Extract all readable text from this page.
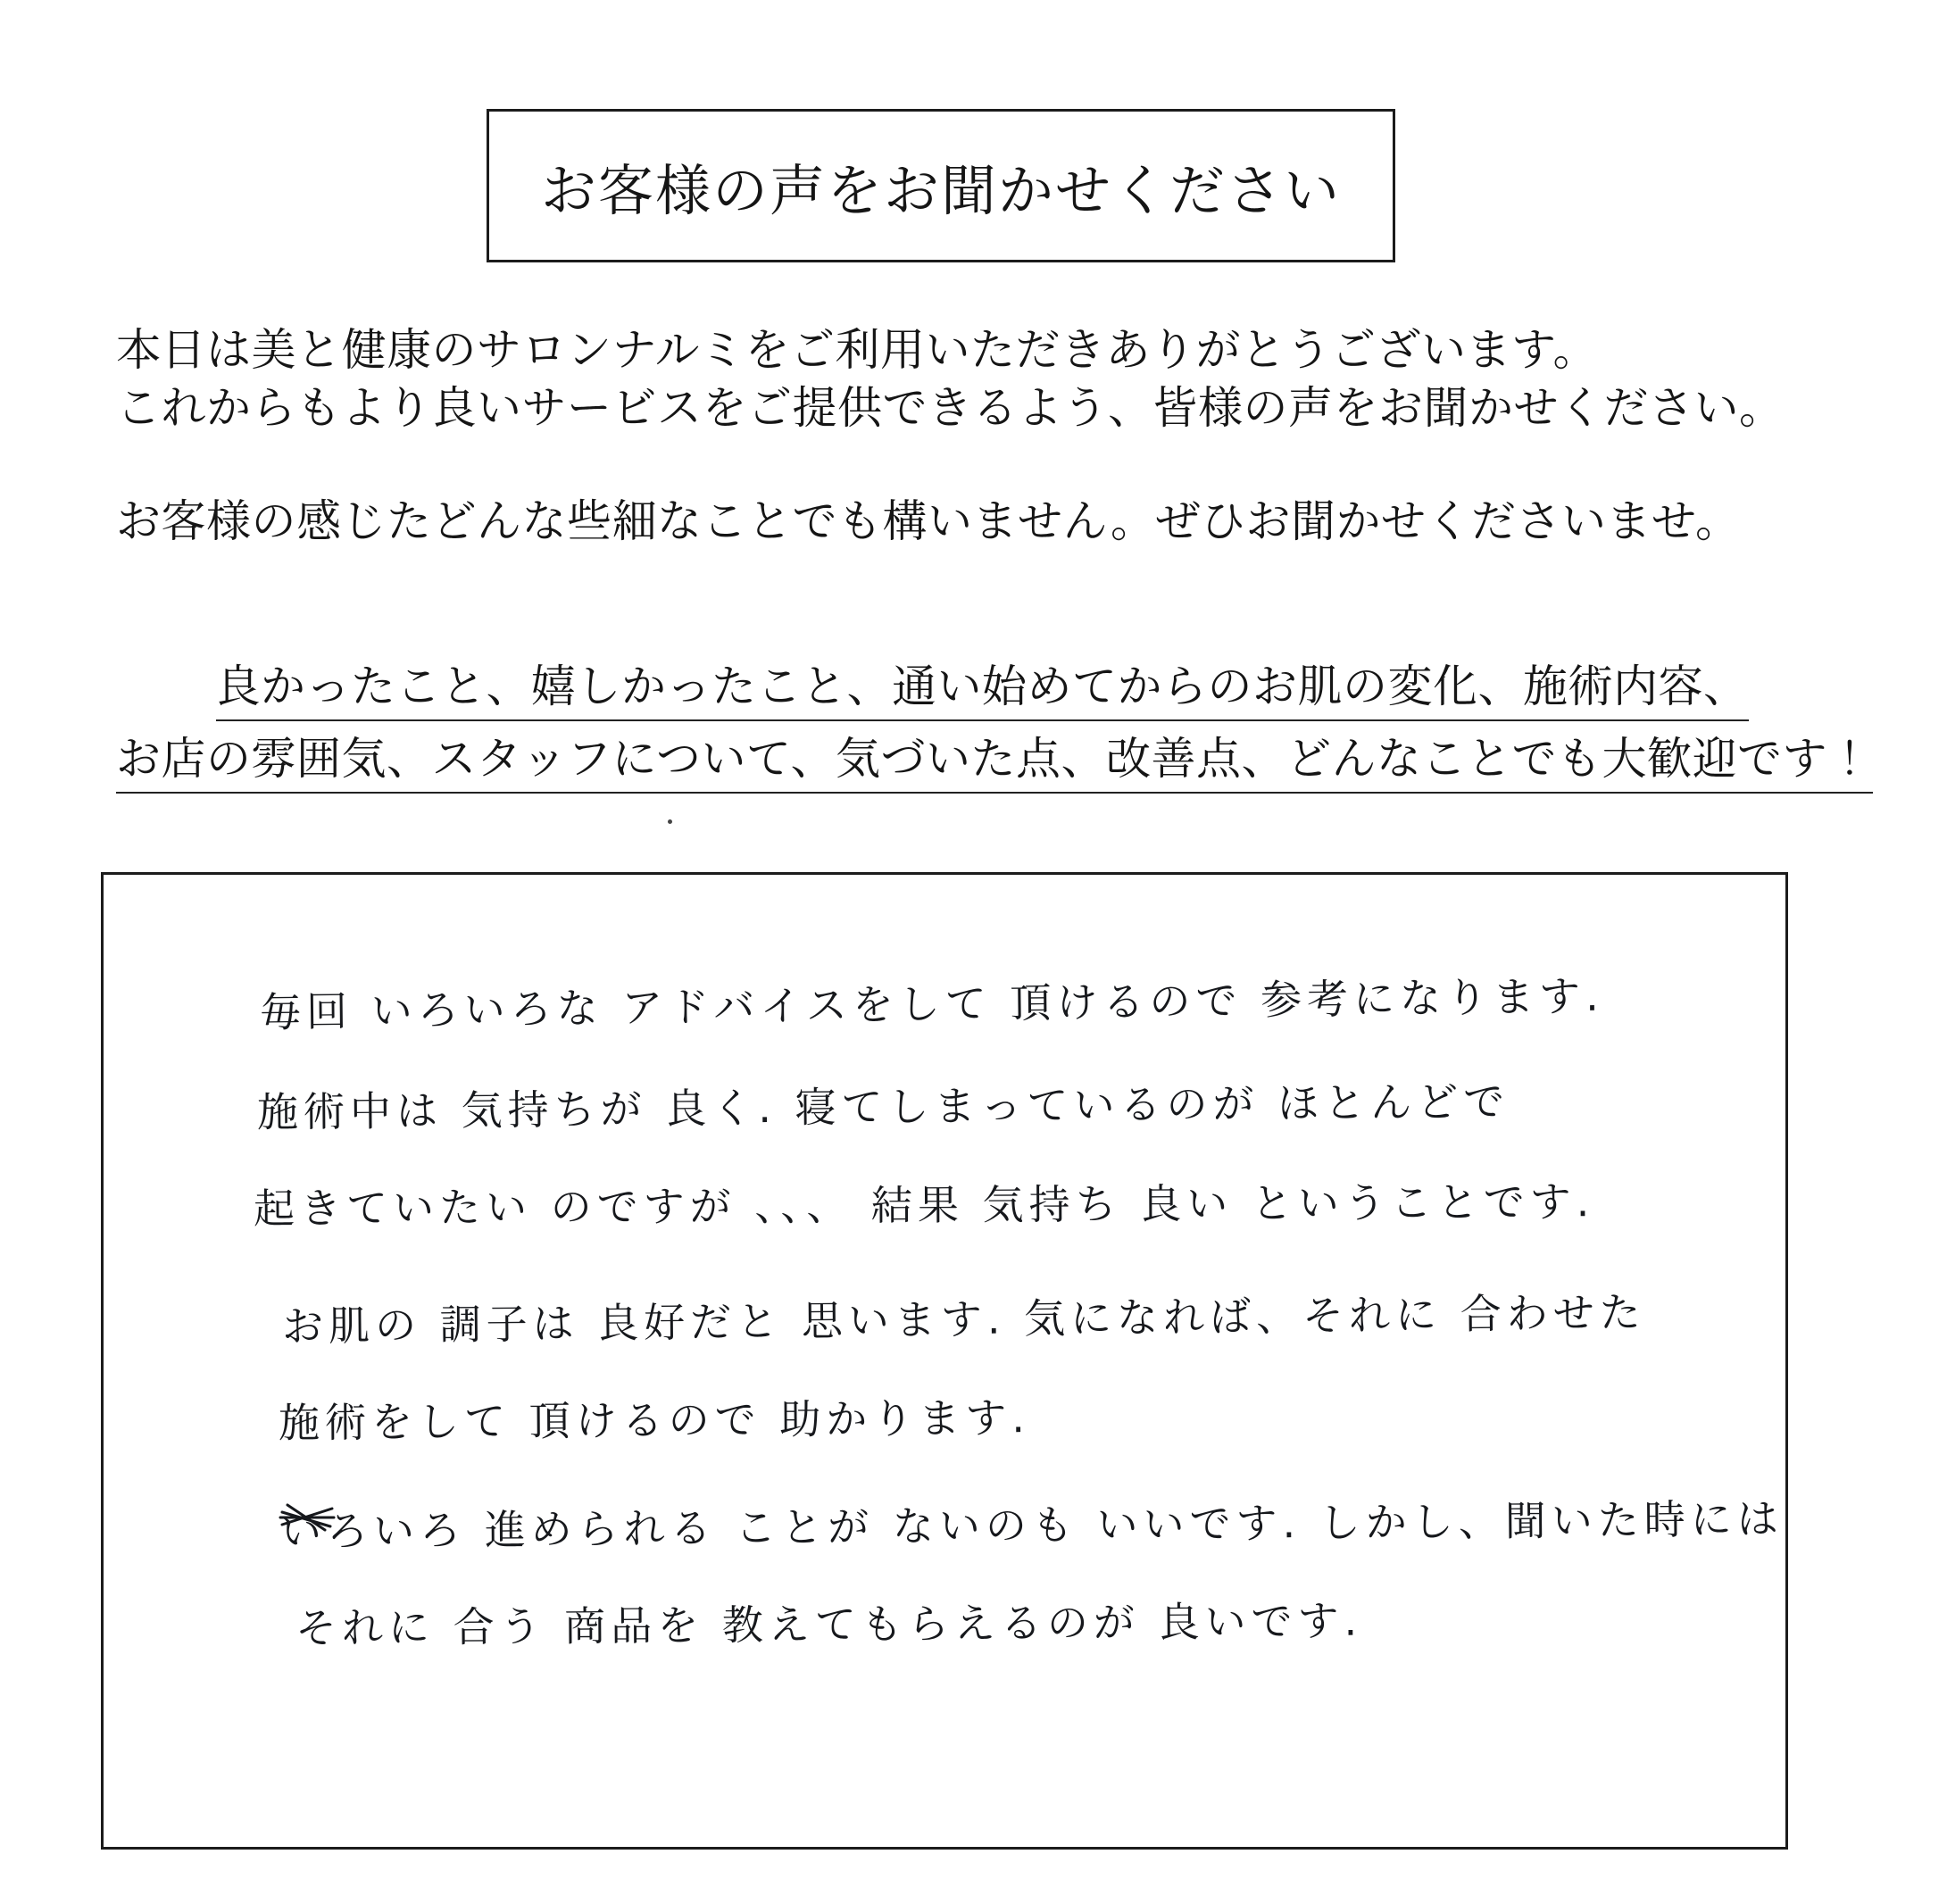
お客様の声をお聞かせください
本日は美と健康のサロンナルミをご利用いただきありがとうございます。
これからもより良いサービスをご提供できるよう、皆様の声をお聞かせください。
お客様の感じたどんな些細なことでも構いません。ぜひお聞かせくださいませ。
良かったこと、嬉しかったこと、通い始めてからのお肌の変化、施術内容、
お店の雰囲気、スタッフについて、気づいた点、改善点、どんなことでも大歓迎です！
毎回 いろいろな アドバイスをして 頂けるので 参考になります.
施術中は 気持ちが 良く. 寝てしまっているのが ほとんどで
起きていたい のですが 、、、 結果 気持ち 良い ということです.
お肌の 調子は 良好だと 思います. 気になれば、それに 合わせた
施術をして 頂けるので 助かります.
いろいろ 進められる ことが ないのも いいです. しかし、聞いた時には
それに 合う 商品を 教えてもらえるのが 良いです.
